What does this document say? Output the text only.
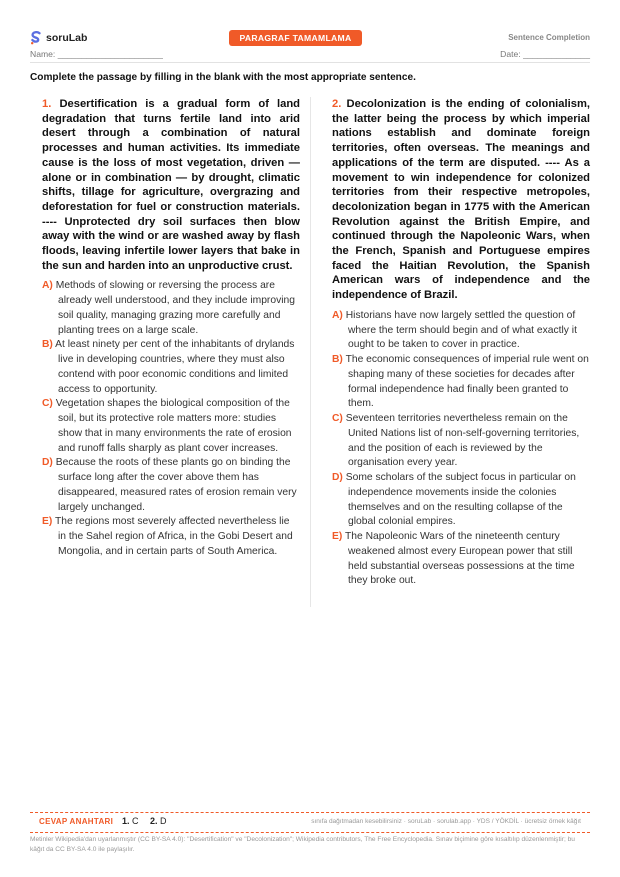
soruLab	PARAGRAF TAMAMLAMA	Sentence Completion
Name: ______________________	Date: ______________
Complete the passage by filling in the blank with the most appropriate sentence.

1. Desertification is a gradual form of land degradation that turns fertile land into arid desert through a combination of natural processes and human activities. Its immediate cause is the loss of most vegetation, driven — alone or in combination — by drought, climatic shifts, tillage for agriculture, overgrazing and deforestation for fuel or construction materials. ---- Unprotected dry soil surfaces then blow away with the wind or are washed away by flash floods, leaving infertile lower layers that bake in the sun and harden into an unproductive crust.

A) Methods of slowing or reversing the process are already well understood, and they include improving soil quality, managing grazing more carefully and planting trees on a large scale.

B) At least ninety per cent of the inhabitants of drylands live in developing countries, where they must also contend with poor economic conditions and limited access to opportunity.

C) Vegetation shapes the biological composition of the soil, but its protective role matters more: studies show that in many environments the rate of erosion and runoff falls sharply as plant cover increases.

D) Because the roots of these plants go on binding the surface long after the cover above them has disappeared, measured rates of erosion remain very largely unchanged.

E) The regions most severely affected nevertheless lie in the Sahel region of Africa, in the Gobi Desert and Mongolia, and in certain parts of South America.

2. Decolonization is the ending of colonialism, the latter being the process by which imperial nations establish and dominate foreign territories, often overseas. The meanings and applications of the term are disputed. ---- As a movement to win independence for colonized territories from their respective metropoles, decolonization began in 1775 with the American Revolution against the British Empire, and continued through the Napoleonic Wars, when the French, Spanish and Portuguese empires faced the Haitian Revolution, the Spanish American wars of independence and the independence of Brazil.

A) Historians have now largely settled the question of where the term should begin and of what exactly it ought to be taken to cover in practice.

B) The economic consequences of imperial rule went on shaping many of these societies for decades after formal independence had finally been granted to them.

C) Seventeen territories nevertheless remain on the United Nations list of non-self-governing territories, and the position of each is reviewed by the organisation every year.

D) Some scholars of the subject focus in particular on independence movements inside the colonies themselves and on the resulting collapse of the global colonial empires.

E) The Napoleonic Wars of the nineteenth century weakened almost every European power that still held substantial overseas possessions at the time they broke out.

CEVAP ANAHTARI 1. C 2. D	sınıfa dağıtmadan kesebilirsiniz · soruLab · sorulab.app · YDS / YÖKDİL · ücretsiz örnek kâğıt
Metinler Wikipedia'dan uyarlanmıştır (CC BY-SA 4.0): "Desertification" ve "Decolonization"; Wikipedia contributors, The Free Encyclopedia. Sınav biçimine göre kısaltılıp düzenlenmiştir; bu kâğıt da CC BY-SA 4.0 ile paylaşılır.
